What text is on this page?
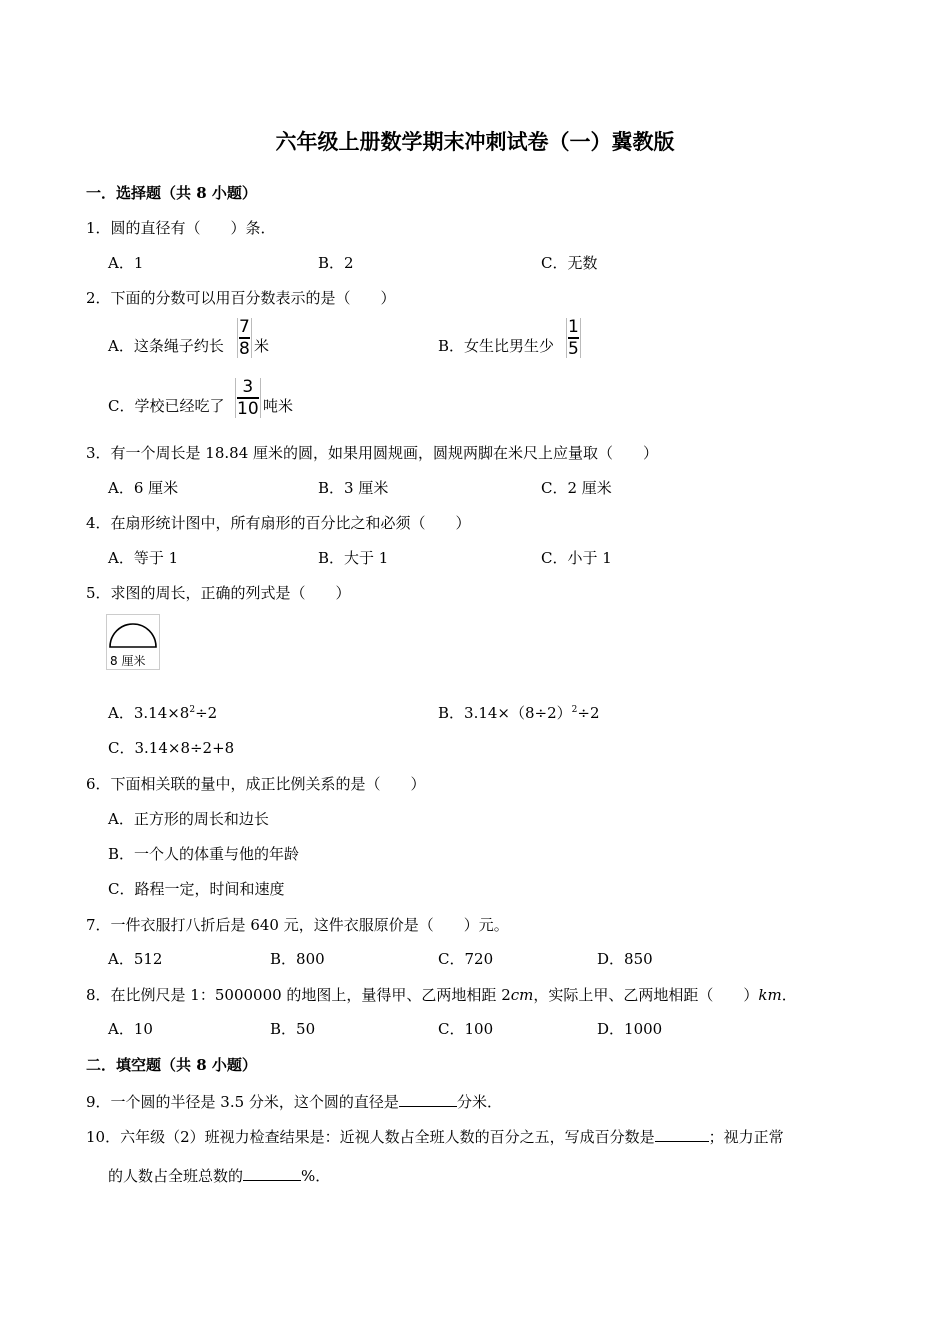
六年级上册数学期末冲刺试卷（一）冀教版
一．选择题（共 8 小题）
1．圆的直径有（　　）条．
A．1	B．2	C．无数
2．下面的分数可以用百分数表示的是（　　）
A．这条绳子约长
7
8 米	B．女生比男生少
1
5
C．学校已经吃了
3
10 吨米
3．有一个周长是 18.84 厘米的圆，如果用圆规画，圆规两脚在米尺上应量取（　　）
A．6 厘米	B．3 厘米	C．2 厘米
4．在扇形统计图中，所有扇形的百分比之和必须（　　）
A．等于 1	B．大于 1	C．小于 1
5．求图的周长，正确的列式是（　　）
8 厘米
A．$3.14\times 8^2\div 2$	B．$3.14\times(8\div 2)^2\div 2$
C．3.14×8÷2+8
6．下面相关联的量中，成正比例关系的是（　　）
A．正方形的周长和边长
B．一个人的体重与他的年龄
C．路程一定，时间和速度
7．一件衣服打八折后是 640 元，这件衣服原价是（　　）元。
A．512	B．800	C．720	D．850
8．在比例尺是 1：5000000 的地图上，量得甲、乙两地相距 2cm，实际上甲、乙两地相距（　　）km．
A．10	B．50	C．100	D．1000
二．填空题（共 8 小题）
9．一个圆的半径是 3.5 分米，这个圆的直径是	分米．
10．六年级（2）班视力检查结果是：近视人数占全班人数的百分之五，写成百分数是	；视力正常
的人数占全班总数的	%．
